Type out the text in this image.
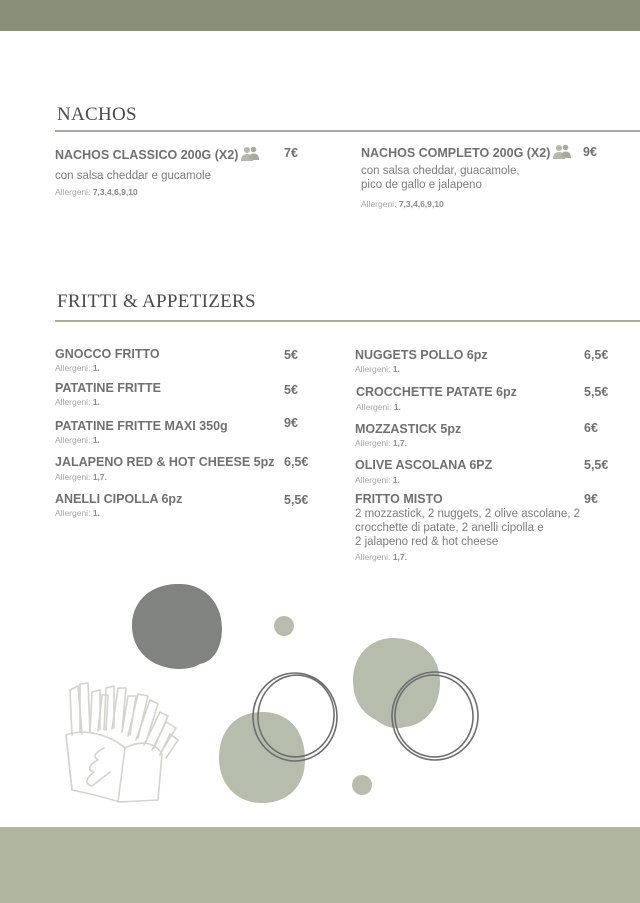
NACHOS
NACHOS CLASSICO 200G (X2)
con salsa cheddar e gucamole
Allergeni: 7,3,4,6,9,10
7€	NACHOS COMPLETO 200G (X2)
con salsa cheddar, guacamole,
pico de gallo e jalapeno
Allergeni: 7,3,4,6,9,10
9€
FRITTI & APPETIZERS
GNOCCO FRITTO
Allergeni: 1.
5€
PATATINE FRITTE
Allergeni: 1.
5€
PATATINE FRITTE MAXI 350g
Allergeni: 1.
9€
JALAPENO RED & HOT CHEESE 5pz
Allergeni: 1,7.
6,5€
ANELLI CIPOLLA 6pz
Allergeni: 1.
5,5€
NUGGETS POLLO 6pz
Allergeni: 1.
6,5€
CROCCHETTE PATATE 6pz
Allergeni: 1.
5,5€
MOZZASTICK 5pz
Allergeni: 1,7.
6€
OLIVE ASCOLANA 6PZ
Allergeni: 1.
5,5€
FRITTO MISTO
2 mozzastick, 2 nuggets, 2 olive ascolane, 2
crocchette di patate, 2 anelli cipolla e
2 jalapeno red & hot cheese
Allergeni: 1,7.
9€
